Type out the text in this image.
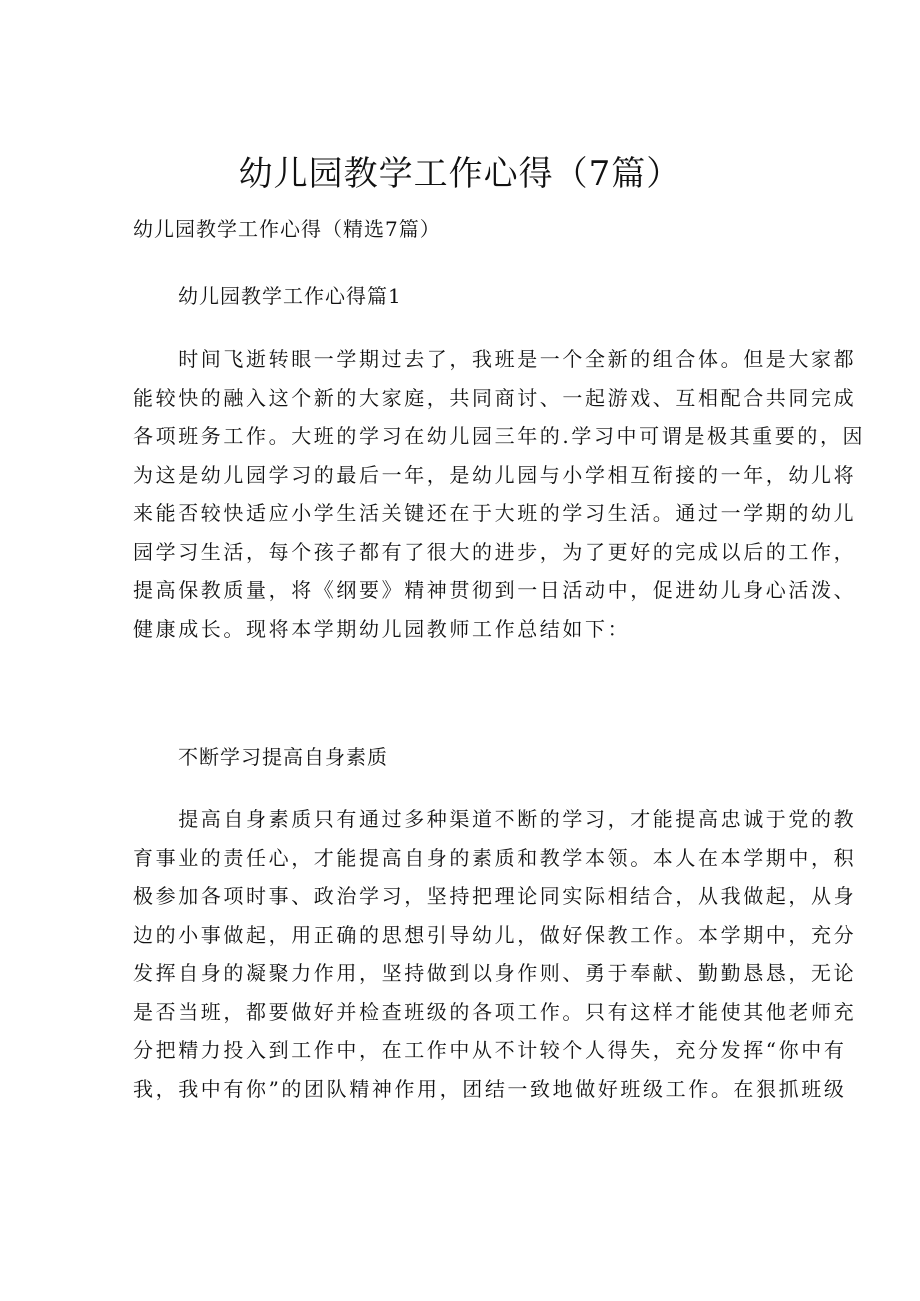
幼儿园教学工作心得（7篇）
幼儿园教学工作心得（精选7篇）
幼儿园教学工作心得篇1
　　时间飞逝转眼一学期过去了，我班是一个全新的组合体。但是大家都
能较快的融入这个新的大家庭，共同商讨、一起游戏、互相配合共同完成
各项班务工作。大班的学习在幼儿园三年的.学习中可谓是极其重要的，因
为这是幼儿园学习的最后一年，是幼儿园与小学相互衔接的一年，幼儿将
来能否较快适应小学生活关键还在于大班的学习生活。通过一学期的幼儿
园学习生活，每个孩子都有了很大的进步，为了更好的完成以后的工作，
提高保教质量，将《纲要》精神贯彻到一日活动中，促进幼儿身心活泼、
健康成长。现将本学期幼儿园教师工作总结如下：
不断学习提高自身素质
　　提高自身素质只有通过多种渠道不断的学习，才能提高忠诚于党的教
育事业的责任心，才能提高自身的素质和教学本领。本人在本学期中，积
极参加各项时事、政治学习，坚持把理论同实际相结合，从我做起，从身
边的小事做起，用正确的思想引导幼儿，做好保教工作。本学期中，充分
发挥自身的凝聚力作用，坚持做到以身作则、勇于奉献、勤勤恳恳，无论
是否当班，都要做好并检查班级的各项工作。只有这样才能使其他老师充
分把精力投入到工作中，在工作中从不计较个人得失，充分发挥“你中有
我，我中有你”的团队精神作用，团结一致地做好班级工作。在狠抓班级
